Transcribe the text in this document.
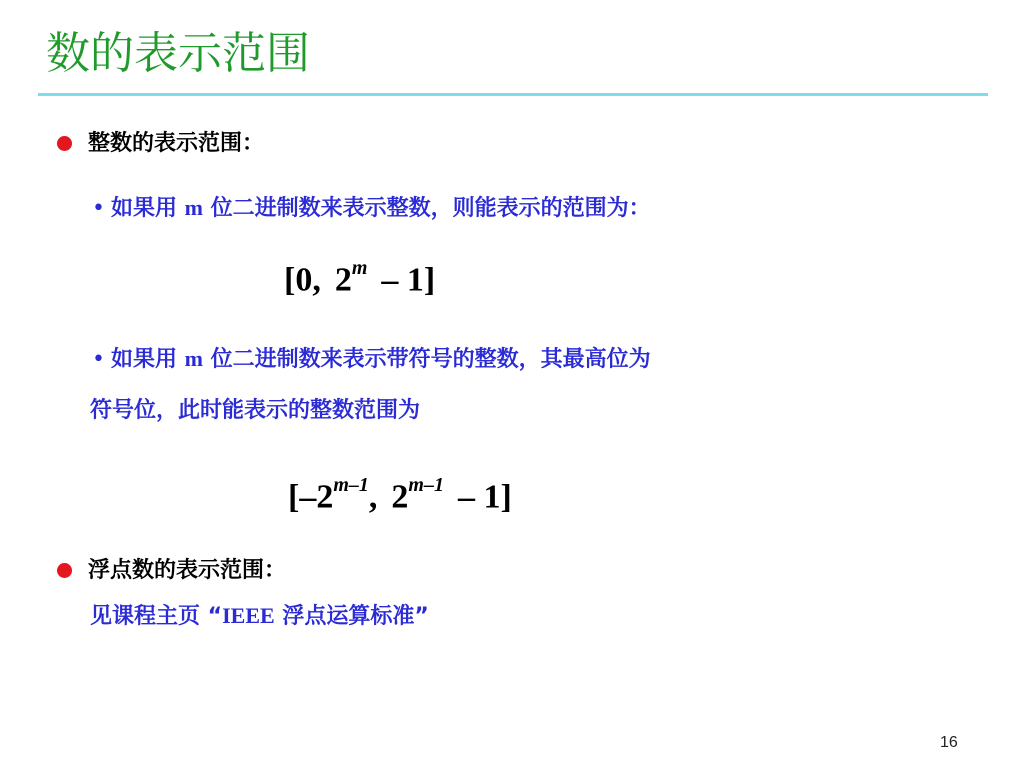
数的表示范围
整数的表示范围：
• 如果用 m 位二进制数来表示整数，则能表示的范围为：
[0, 2$^m$ – 1]
• 如果用 m 位二进制数来表示带符号的整数，其最高位为
符号位，此时能表示的整数范围为
[–2$^{m-1}$, 2$^{m-1}$ – 1]
浮点数的表示范围：
见课程主页 “IEEE 浮点运算标准”
16
